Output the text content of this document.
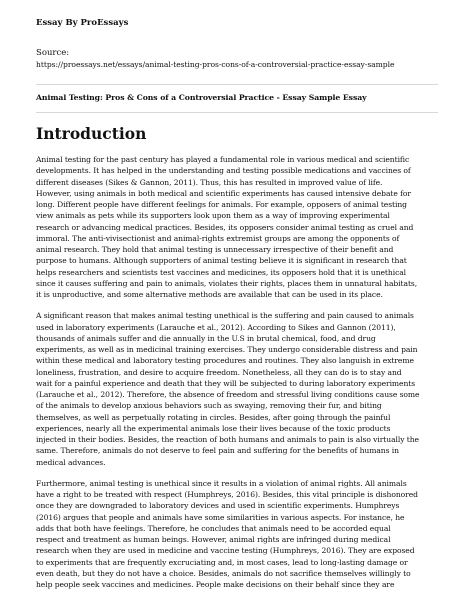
Essay By ProEssays
Source:
https://proessays.net/essays/animal-testing-pros-cons-of-a-controversial-practice-essay-sample
Animal Testing: Pros & Cons of a Controversial Practice - Essay Sample Essay
Introduction
Animal testing for the past century has played a fundamental role in various medical and scientific
developments. It has helped in the understanding and testing possible medications and vaccines of
different diseases (Sikes & Gannon, 2011). Thus, this has resulted in improved value of life.
However, using animals in both medical and scientific experiments has caused intensive debate for
long. Different people have different feelings for animals. For example, opposers of animal testing
view animals as pets while its supporters look upon them as a way of improving experimental
research or advancing medical practices. Besides, its opposers consider animal testing as cruel and
immoral. The anti-vivisectionist and animal-rights extremist groups are among the opponents of
animal research. They hold that animal testing is unnecessary irrespective of their benefit and
purpose to humans. Although supporters of animal testing believe it is significant in research that
helps researchers and scientists test vaccines and medicines, its opposers hold that it is unethical
since it causes suffering and pain to animals, violates their rights, places them in unnatural habitats,
it is unproductive, and some alternative methods are available that can be used in its place.
A significant reason that makes animal testing unethical is the suffering and pain caused to animals
used in laboratory experiments (Larauche et al., 2012). According to Sikes and Gannon (2011),
thousands of animals suffer and die annually in the U.S in brutal chemical, food, and drug
experiments, as well as in medicinal training exercises. They undergo considerable distress and pain
within these medical and laboratory testing procedures and routines. They also languish in extreme
loneliness, frustration, and desire to acquire freedom. Nonetheless, all they can do is to stay and
wait for a painful experience and death that they will be subjected to during laboratory experiments
(Larauche et al., 2012). Therefore, the absence of freedom and stressful living conditions cause some
of the animals to develop anxious behaviors such as swaying, removing their fur, and biting
themselves, as well as perpetually rotating in circles. Besides, after going through the painful
experiences, nearly all the experimental animals lose their lives because of the toxic products
injected in their bodies. Besides, the reaction of both humans and animals to pain is also virtually the
same. Therefore, animals do not deserve to feel pain and suffering for the benefits of humans in
medical advances.
Furthermore, animal testing is unethical since it results in a violation of animal rights. All animals
have a right to be treated with respect (Humphreys, 2016). Besides, this vital principle is dishonored
once they are downgraded to laboratory devices and used in scientific experiments. Humphreys
(2016) argues that people and animals have some similarities in various aspects. For instance, he
adds that both have feelings. Therefore, he concludes that animals need to be accorded equal
respect and treatment as human beings. However, animal rights are infringed during medical
research when they are used in medicine and vaccine testing (Humphreys, 2016). They are exposed
to experiments that are frequently excruciating and, in most cases, lead to long-lasting damage or
even death, but they do not have a choice. Besides, animals do not sacrifice themselves willingly to
help people seek vaccines and medicines. People make decisions on their behalf since they are
